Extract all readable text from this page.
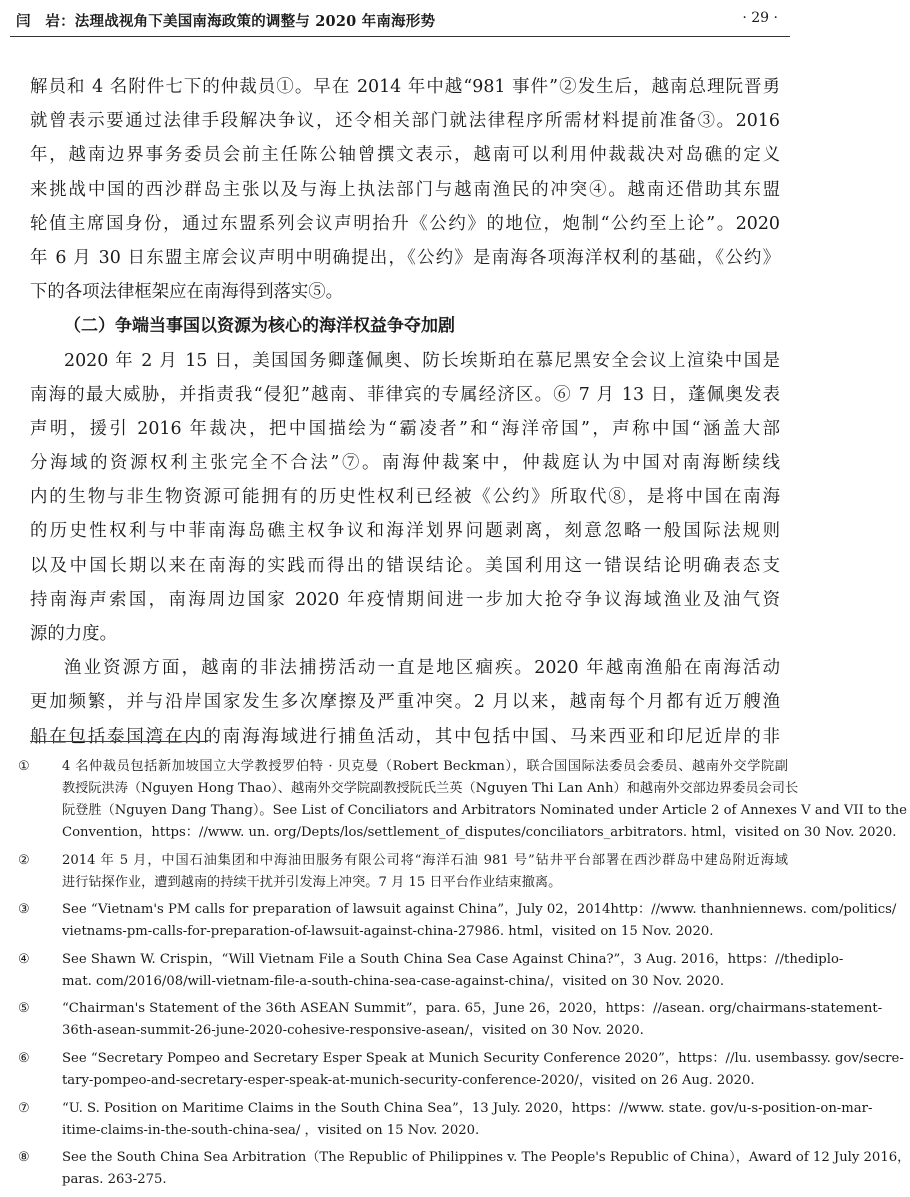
闫　岩：法理战视角下美国南海政策的调整与 2020 年南海形势	· 29 ·
解员和 4 名附件七下的仲裁员①。早在 2014 年中越“981 事件”②发生后，越南总理阮晋勇
就曾表示要通过法律手段解决争议，还令相关部门就法律程序所需材料提前准备③。2016
年，越南边界事务委员会前主任陈公轴曾撰文表示，越南可以利用仲裁裁决对岛礁的定义
来挑战中国的西沙群岛主张以及与海上执法部门与越南渔民的冲突④。越南还借助其东盟
轮值主席国身份，通过东盟系列会议声明抬升《公约》的地位，炮制“公约至上论”。2020
年 6 月 30 日东盟主席会议声明中明确提出，《公约》是南海各项海洋权利的基础，《公约》
下的各项法律框架应在南海得到落实⑤。
（二）争端当事国以资源为核心的海洋权益争夺加剧
2020 年 2 月 15 日，美国国务卿蓬佩奥、防长埃斯珀在慕尼黑安全会议上渲染中国是
南海的最大威胁，并指责我“侵犯”越南、菲律宾的专属经济区。⑥ 7 月 13 日，蓬佩奥发表
声明，援引 2016 年裁决，把中国描绘为“霸凌者”和“海洋帝国”，声称中国“涵盖大部
分海域的资源权利主张完全不合法”⑦。南海仲裁案中，仲裁庭认为中国对南海断续线
内的生物与非生物资源可能拥有的历史性权利已经被《公约》所取代⑧，是将中国在南海
的历史性权利与中菲南海岛礁主权争议和海洋划界问题剥离，刻意忽略一般国际法规则
以及中国长期以来在南海的实践而得出的错误结论。美国利用这一错误结论明确表态支
持南海声索国，南海周边国家 2020 年疫情期间进一步加大抢夺争议海域渔业及油气资
源的力度。
渔业资源方面，越南的非法捕捞活动一直是地区痼疾。2020 年越南渔船在南海活动
更加频繁，并与沿岸国家发生多次摩擦及严重冲突。2 月以来，越南每个月都有近万艘渔
船在包括泰国湾在内的南海海域进行捕鱼活动，其中包括中国、马来西亚和印尼近岸的非
①	4 名仲裁员包括新加坡国立大学教授罗伯特 · 贝克曼（Robert Beckman），联合国国际法委员会委员、越南外交学院副
教授阮洪涛（Nguyen Hong Thao）、越南外交学院副教授阮氏兰英（Nguyen Thi Lan Anh）和越南外交部边界委员会司长
阮登胜（Nguyen Dang Thang）。See List of Conciliators and Arbitrators Nominated under Article 2 of Annexes V and VII to the
Convention，https：//www. un. org/Depts/los/settlement_of_disputes/conciliators_arbitrators. html，visited on 30 Nov. 2020.
②	2014 年 5 月，中国石油集团和中海油田服务有限公司将“海洋石油 981 号”钻井平台部署在西沙群岛中建岛附近海域
进行钻探作业，遭到越南的持续干扰并引发海上冲突。7 月 15 日平台作业结束撤离。
③	See “Vietnam's PM calls for preparation of lawsuit against China”，July 02，2014http：//www. thanhniennews. com/politics/
vietnams-pm-calls-for-preparation-of-lawsuit-against-china-27986. html，visited on 15 Nov. 2020.
④	See Shawn W. Crispin，“Will Vietnam File a South China Sea Case Against China?”，3 Aug. 2016，https：//thediplo-
mat. com/2016/08/will-vietnam-file-a-south-china-sea-case-against-china/，visited on 30 Nov. 2020.
⑤	“Chairman's Statement of the 36th ASEAN Summit”，para. 65，June 26，2020，https：//asean. org/chairmans-statement-
36th-asean-summit-26-june-2020-cohesive-responsive-asean/，visited on 30 Nov. 2020.
⑥	See “Secretary Pompeo and Secretary Esper Speak at Munich Security Conference 2020”，https：//lu. usembassy. gov/secre-
tary-pompeo-and-secretary-esper-speak-at-munich-security-conference-2020/，visited on 26 Aug. 2020.
⑦	“U. S. Position on Maritime Claims in the South China Sea”，13 July. 2020，https：//www. state. gov/u-s-position-on-mar-
itime-claims-in-the-south-china-sea/ ，visited on 15 Nov. 2020.
⑧	See the South China Sea Arbitration（The Republic of Philippines v. The People's Republic of China），Award of 12 July 2016，
paras. 263-275.
